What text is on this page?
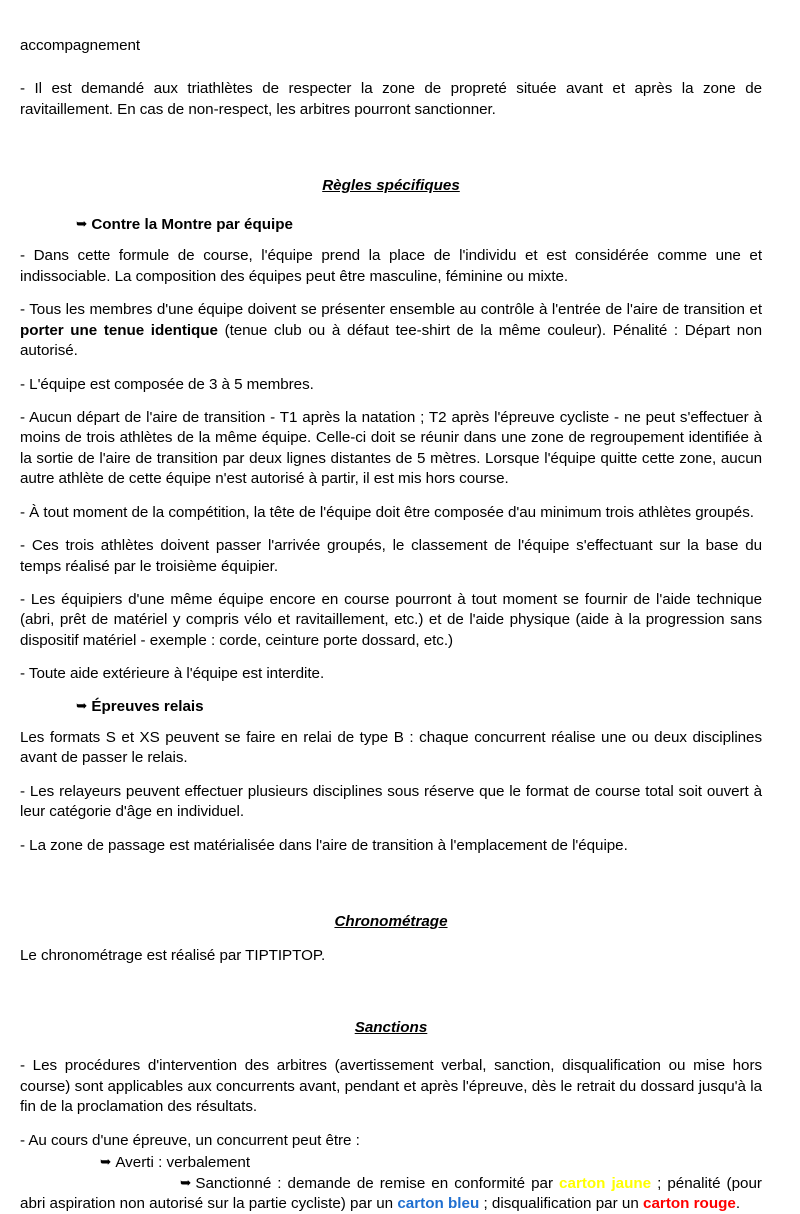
accompagnement

- Il est demandé aux triathlètes de respecter la zone de propreté située avant et après la zone de ravitaillement. En cas de non-respect, les arbitres pourront sanctionner.

Règles spécifiques

➥ Contre la Montre par équipe

- Dans cette formule de course, l'équipe prend la place de l'individu et est considérée comme une et indissociable. La composition des équipes peut être masculine, féminine ou mixte.

- Tous les membres d'une équipe doivent se présenter ensemble au contrôle à l'entrée de l'aire de transition et porter une tenue identique (tenue club ou à défaut tee-shirt de la même couleur). Pénalité : Départ non autorisé.

- L'équipe est composée de 3 à 5 membres.

- Aucun départ de l'aire de transition - T1 après la natation ; T2 après l'épreuve cycliste - ne peut s'effectuer à moins de trois athlètes de la même équipe. Celle-ci doit se réunir dans une zone de regroupement identifiée à la sortie de l'aire de transition par deux lignes distantes de 5 mètres. Lorsque l'équipe quitte cette zone, aucun autre athlète de cette équipe n'est autorisé à partir, il est mis hors course.

- À tout moment de la compétition, la tête de l'équipe doit être composée d'au minimum trois athlètes groupés.

- Ces trois athlètes doivent passer l'arrivée groupés, le classement de l'équipe s'effectuant sur la base du temps réalisé par le troisième équipier.

- Les équipiers d'une même équipe encore en course pourront à tout moment se fournir de l'aide technique (abri, prêt de matériel y compris vélo et ravitaillement, etc.) et de l'aide physique (aide à la progression sans dispositif matériel - exemple : corde, ceinture porte dossard, etc.)

- Toute aide extérieure à l'équipe est interdite.

➥ Épreuves relais

Les formats S et XS peuvent se faire en relai de type B : chaque concurrent réalise une ou deux disciplines avant de passer le relais.

- Les relayeurs peuvent effectuer plusieurs disciplines sous réserve que le format de course total soit ouvert à leur catégorie d'âge en individuel.

- La zone de passage est matérialisée dans l'aire de transition à l'emplacement de l'équipe.

Chronométrage

Le chronométrage est réalisé par TIPTIPTOP.

Sanctions

- Les procédures d'intervention des arbitres (avertissement verbal, sanction, disqualification ou mise hors course) sont applicables aux concurrents avant, pendant et après l'épreuve, dès le retrait du dossard jusqu'à la fin de la proclamation des résultats.

- Au cours d'une épreuve, un concurrent peut être :

➥ Averti : verbalement

➥ Sanctionné : demande de remise en conformité par carton jaune ; pénalité (pour abri aspiration non autorisé sur la partie cycliste) par un carton bleu ; disqualification par un carton rouge.
